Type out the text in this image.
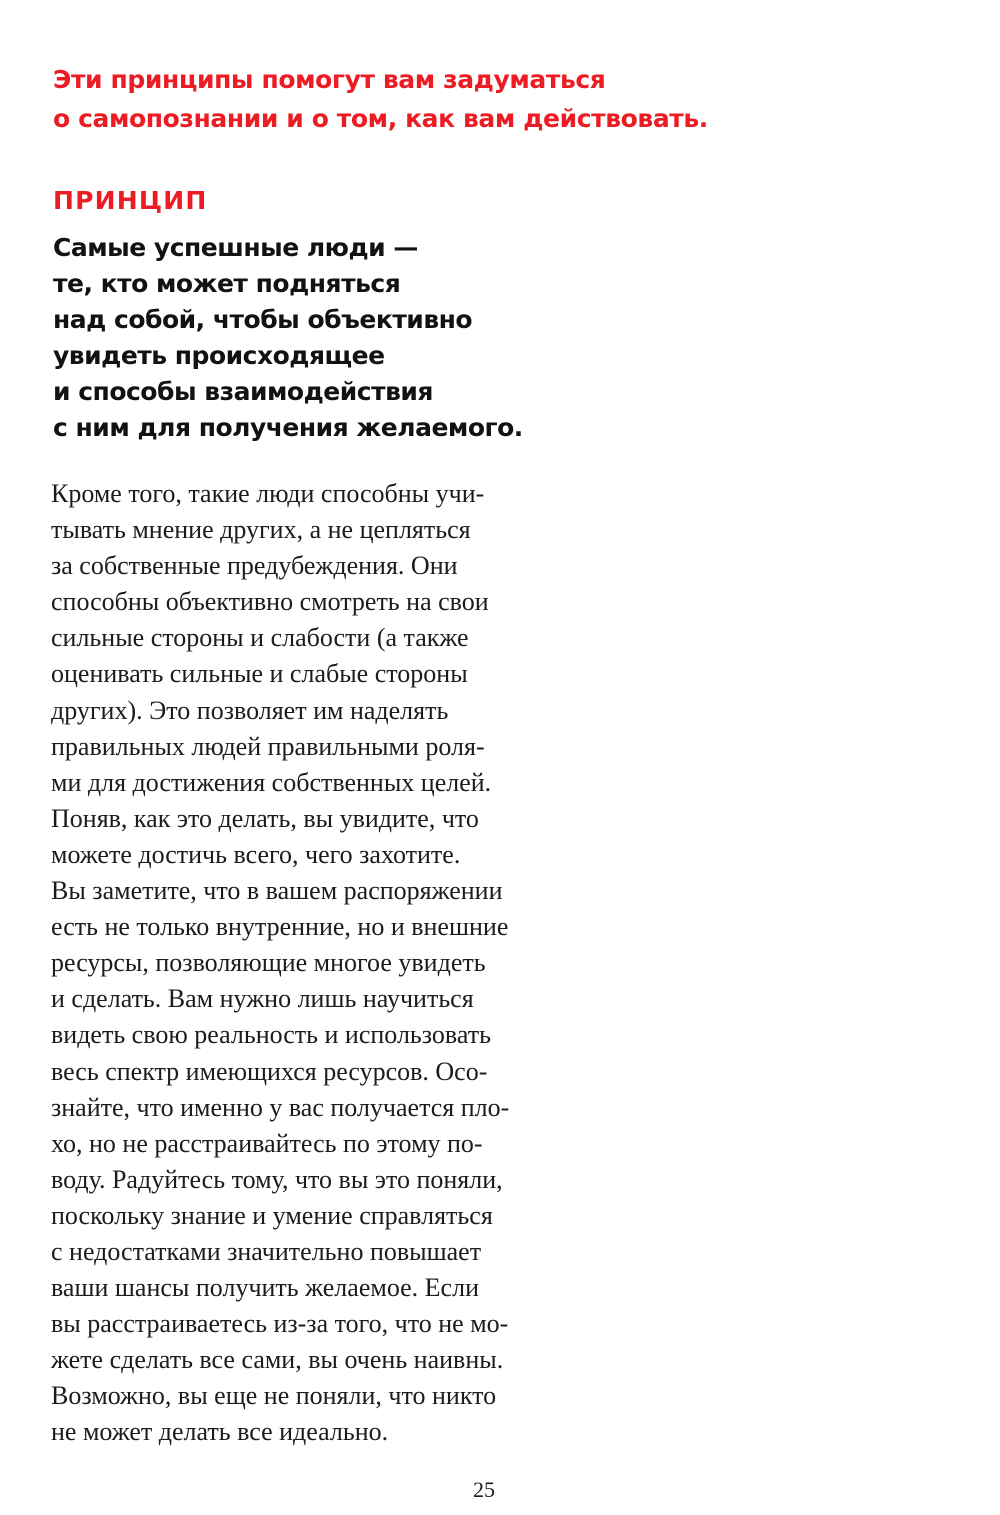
Эти принципы помогут вам задуматься
о самопознании и о том, как вам действовать.

ПРИНЦИП

Самые успешные люди —
те, кто может подняться
над собой, чтобы объективно
увидеть происходящее
и способы взаимодействия
с ним для получения желаемого.

Кроме того, такие люди способны учи-
тывать мнение других, а не цепляться
за собственные предубеждения. Они
способны объективно смотреть на свои
сильные стороны и слабости (а также
оценивать сильные и слабые стороны
других). Это позволяет им наделять
правильных людей правильными роля-
ми для достижения собственных целей.
Поняв, как это делать, вы увидите, что
можете достичь всего, чего захотите.
Вы заметите, что в вашем распоряжении
есть не только внутренние, но и внешние
ресурсы, позволяющие многое увидеть
и сделать. Вам нужно лишь научиться
видеть свою реальность и использовать
весь спектр имеющихся ресурсов. Осо-
знайте, что именно у вас получается пло-
хо, но не расстраивайтесь по этому по-
воду. Радуйтесь тому, что вы это поняли,
поскольку знание и умение справляться
с недостатками значительно повышает
ваши шансы получить желаемое. Если
вы расстраиваетесь из-за того, что не мо-
жете сделать все сами, вы очень наивны.
Возможно, вы еще не поняли, что никто
не может делать все идеально.

25
